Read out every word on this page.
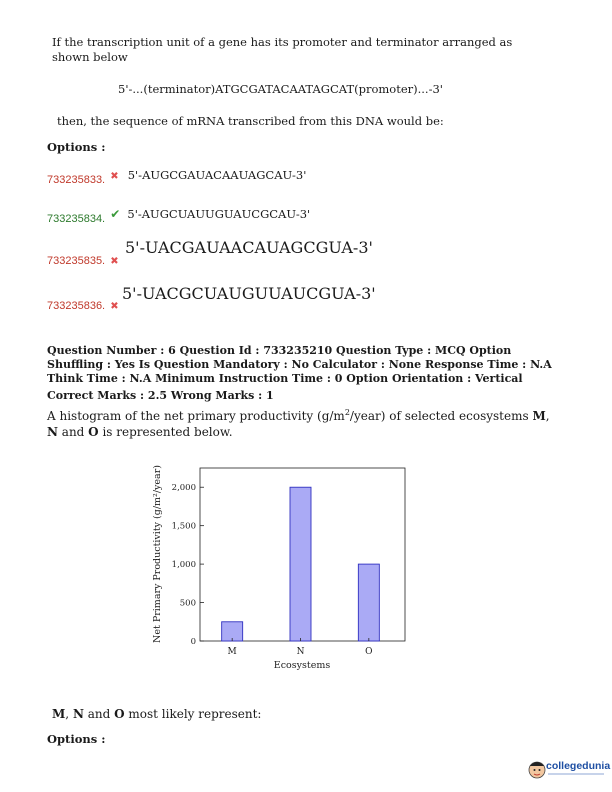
If the transcription unit of a gene has its promoter and terminator arranged as shown below
5'-...(terminator)ATGCGATACAATAGCAT(promoter)...-3'
then, the sequence of mRNA transcribed from this DNA would be:
Options :
$_{733235833.}$ ✖ 5'-AUGCGAUACAAUAGCAU-3'
$_{733235834.}$ ✔ 5'-AUGCUAUUGUAUCGCAU-3'
5'-UACGAUAACAUAGCGUA-3'
733235835. ✖
5'-UACGCUAUGUUAUCGUA-3'
733235836. ✖
Question Number : 6 Question Id : 733235210 Question Type : MCQ Option Shuffling : Yes Is Question Mandatory : No Calculator : None Response Time : N.A Think Time : N.A Minimum Instruction Time : 0 Option Orientation : Vertical
Correct Marks : 2.5 Wrong Marks : 1
A histogram of the net primary productivity $(g/m^2/year)$ of selected ecosystems M,
N and O is represented below.
0
500
1,000
1,500
2,000
M	N	O
Net Primary Productivity (g/m²/year)
Ecosystems
M, N and O most likely represent:
Options :
collegedunia
